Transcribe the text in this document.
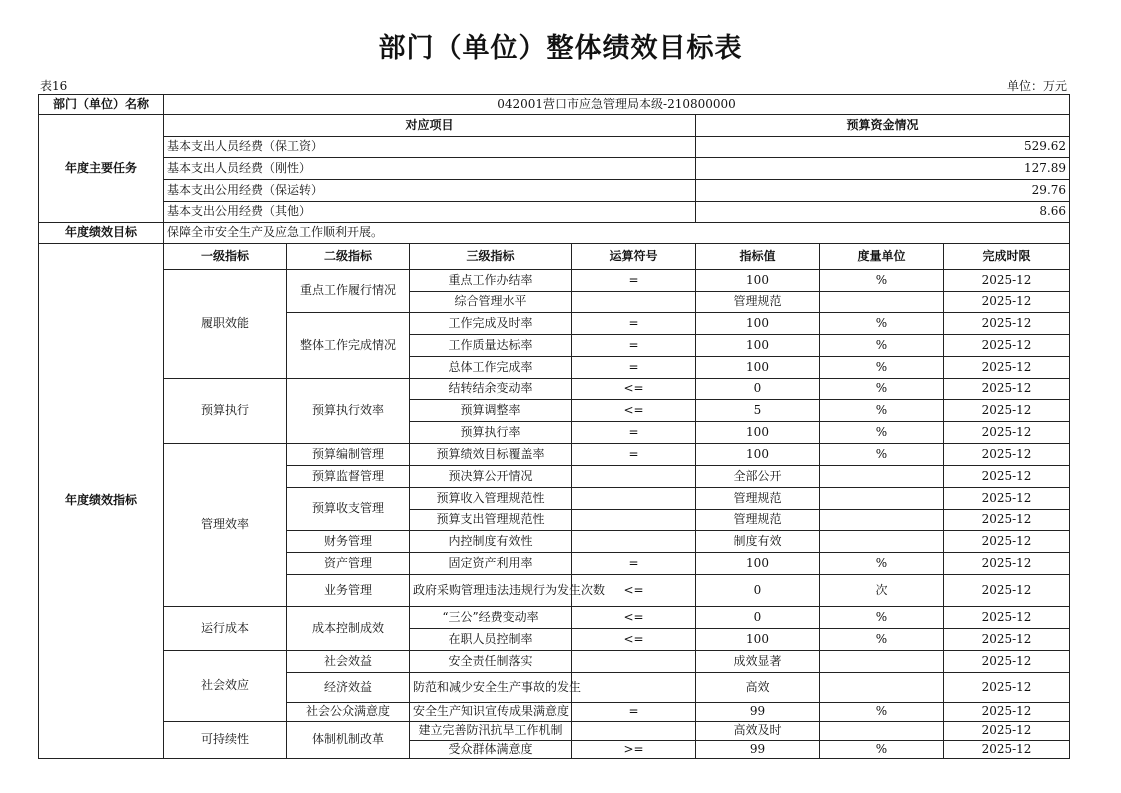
部门（单位）整体绩效目标表
表16	单位：万元
部门（单位）名称	042001营口市应急管理局本级-210800000						
年度主要任务	对应项目				预算资金情况		
	基本支出人员经费（保工资）				529.62		
	基本支出人员经费（刚性）				127.89		
	基本支出公用经费（保运转）				29.76		
	基本支出公用经费（其他）				8.66		
年度绩效目标	保障全市安全生产及应急工作顺利开展。						
年度绩效指标	一级指标	二级指标	三级指标	运算符号	指标值	度量单位	完成时限
	履职效能	重点工作履行情况	重点工作办结率	=	100	%	2025-12
			综合管理水平		管理规范		2025-12
		整体工作完成情况	工作完成及时率	=	100	%	2025-12
			工作质量达标率	=	100	%	2025-12
			总体工作完成率	=	100	%	2025-12
	预算执行	预算执行效率	结转结余变动率	<=	0	%	2025-12
			预算调整率	<=	5	%	2025-12
			预算执行率	=	100	%	2025-12
	管理效率	预算编制管理	预算绩效目标覆盖率	=	100	%	2025-12
		预算监督管理	预决算公开情况		全部公开		2025-12
		预算收支管理	预算收入管理规范性		管理规范		2025-12
			预算支出管理规范性		管理规范		2025-12
		财务管理	内控制度有效性		制度有效		2025-12
		资产管理	固定资产利用率	=	100	%	2025-12
		业务管理	政府采购管理违法违规行为发生次数	<=	0	次	2025-12
	运行成本	成本控制成效	“三公”经费变动率	<=	0	%	2025-12
			在职人员控制率	<=	100	%	2025-12
	社会效应	社会效益	安全责任制落实		成效显著		2025-12
		经济效益	防范和减少安全生产事故的发生		高效		2025-12
		社会公众满意度	安全生产知识宣传成果满意度	=	99	%	2025-12
	可持续性	体制机制改革	建立完善防汛抗旱工作机制		高效及时		2025-12
			受众群体满意度	>=	99	%	2025-12
